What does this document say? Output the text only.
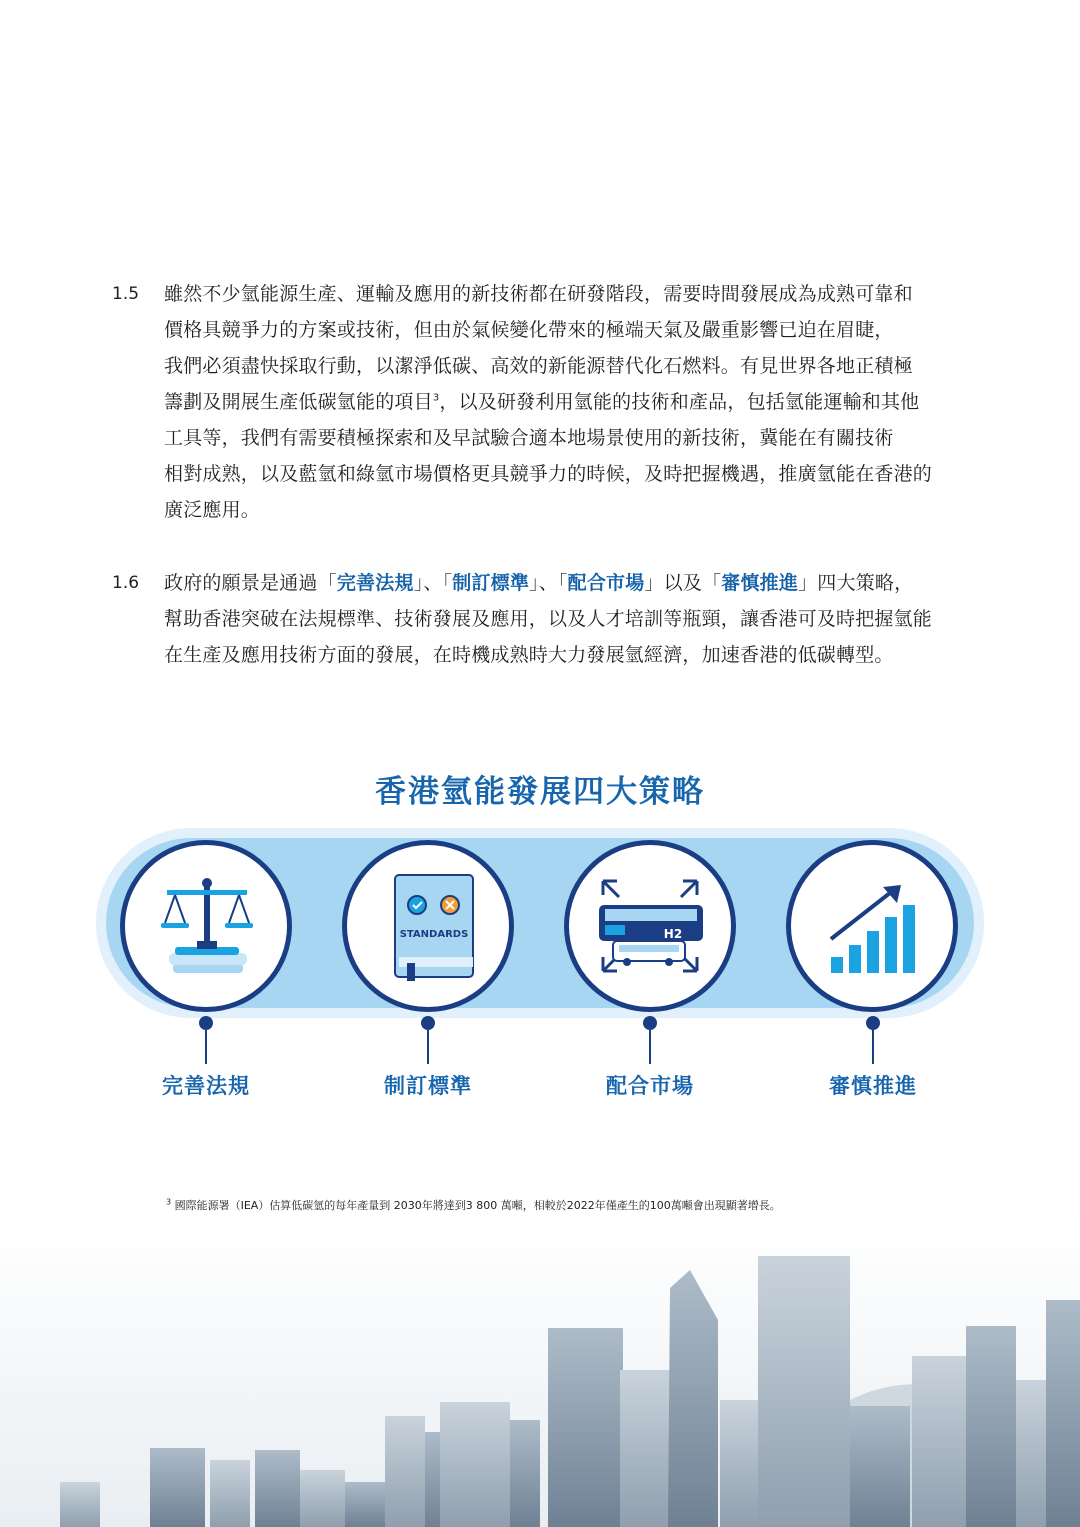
1.5 雖然不少氫能源生產、運輸及應用的新技術都在研發階段，需要時間發展成為成熟可靠和
價格具競爭力的方案或技術，但由於氣候變化帶來的極端天氣及嚴重影響已迫在眉睫，
我們必須盡快採取行動，以潔淨低碳、高效的新能源替代化石燃料。有見世界各地正積極
籌劃及開展生產低碳氫能的項目$^3$，以及研發利用氫能的技術和產品，包括氫能運輸和其他
工具等，我們有需要積極探索和及早試驗合適本地場景使用的新技術，冀能在有關技術
相對成熟，以及藍氫和綠氫市場價格更具競爭力的時候，及時把握機遇，推廣氫能在香港的
廣泛應用。
1.6 政府的願景是通過「完善法規」、「制訂標準」、「配合市場」以及「審慎推進」四大策略，
幫助香港突破在法規標準、技術發展及應用，以及人才培訓等瓶頸，讓香港可及時把握氫能
在生產及應用技術方面的發展，在時機成熟時大力發展氫經濟，加速香港的低碳轉型。
香港氫能發展四大策略
完善法規
STANDARDS
制訂標準
H2
配合市場	審慎推進
$^3$ 國際能源署（IEA）估算低碳氫的每年產量到 2030年將達到3 800 萬噸，相較於2022年僅產生的100萬噸會出現顯著增長。
